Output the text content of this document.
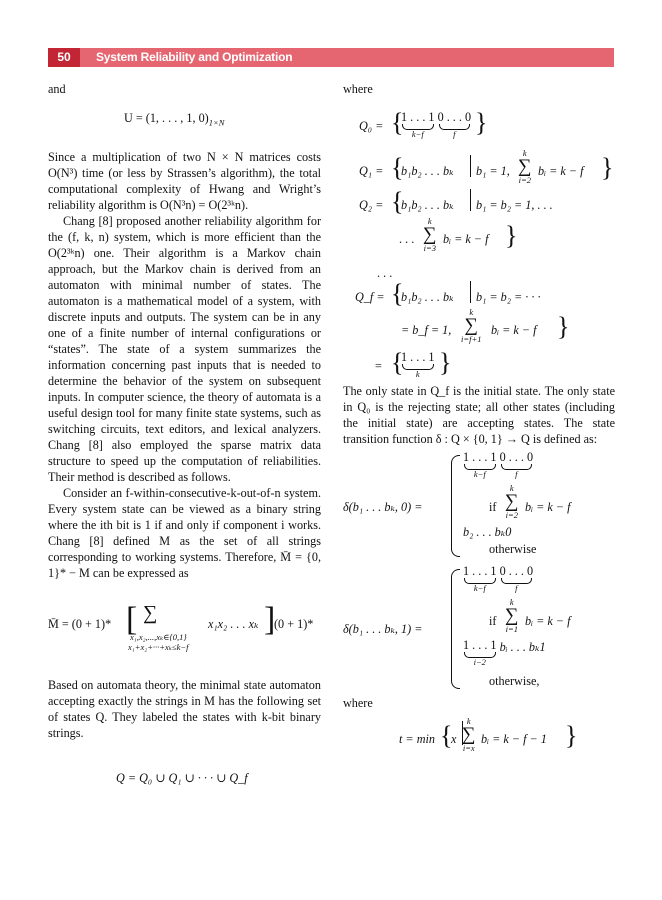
50	System Reliability and Optimization
and
U = (1, . . . , 1, $0)_{1\times N}$
Since a multiplication of two N × N matrices costs O(N³) time (or less by Strassen’s algorithm), the total computational complexity of Hwang and Wright’s reliability algorithm is O(N³n) = O(2³ᵏn).
Chang [8] proposed another reliability algorithm for the (f, k, n) system, which is more efficient than the O(2³ᵏn) one. Their algorithm is a Markov chain approach, but the Markov chain is derived from an automaton with minimal number of states. The automaton is a mathematical model of a system, with discrete inputs and outputs. The system can be in any one of a finite number of internal configurations or “states”. The state of a system summarizes the information concerning past inputs that is needed to determine the behavior of the system on subsequent inputs. In computer science, the theory of automata is a useful design tool for many finite state systems, such as switching circuits, text editors, and lexical analyzers. Chang [8] also employed the sparse matrix data structure to speed up the computation of reliabilities. Their method is described as follows.
Consider an f-within-consecutive-k-out-of-n system. Every system state can be viewed as a binary string where the ith bit is 1 if and only if component i works. Chang [8] defined M as the set of all strings corresponding to working systems. Therefore, M̄ = {0, 1}* − M can be expressed as
M̄ = (0 + 1)* [ ∑	x₁x₂ . . . xₖ ]
(0 + 1)*
x₁,x₂,...,xₖ∈{0,1}
x₁+x₂+···+xₖ≤k−f
Based on automata theory, the minimal state automaton accepting exactly the strings in M has the following set of states Q. They labeled the states with k-bit binary strings.
Q = Q₀ ∪ Q₁ ∪ · · · ∪ Q_f
where
Q₀ = {
1 . . . 1
k−f
0 . . . 0
f }
Q₁ = {
b₁b₂ . . . bₖ b₁ = 1,
k
∑
i=2
bᵢ = k − f }
Q₂ = {
b₁b₂ . . . bₖ b₁ = b₂ = 1, . . .
. . .
k
∑
i=3
bᵢ = k − f }
. . .
Q_f = {
b₁b₂ . . . bₖ b₁ = b₂ = · · ·
= b_f = 1,
k
∑
i=f+1
bᵢ = k − f }
= {
1 . . . 1
k }
The only state in Q_f is the initial state. The only state in Q₀ is the rejecting state; all other states (including the initial state) are accepting states. The state transition function δ : Q × {0, 1} → Q is defined as:
δ(b₁ . . . bₖ, 0) =
1 . . . 1
k−f
0 . . . 0
f
if
k
∑
i=2
bᵢ = k − f
b₂ . . . bₖ0
otherwise
δ(b₁ . . . bₖ, 1) =
1 . . . 1
k−f
0 . . . 0
f
if
k
∑
i=1
bᵢ = k − f
1 . . . 1
i−2
bᵢ . . . bₖ1
otherwise,
where
t = min {
x
k
∑
i=x
bᵢ = k − f − 1 }
